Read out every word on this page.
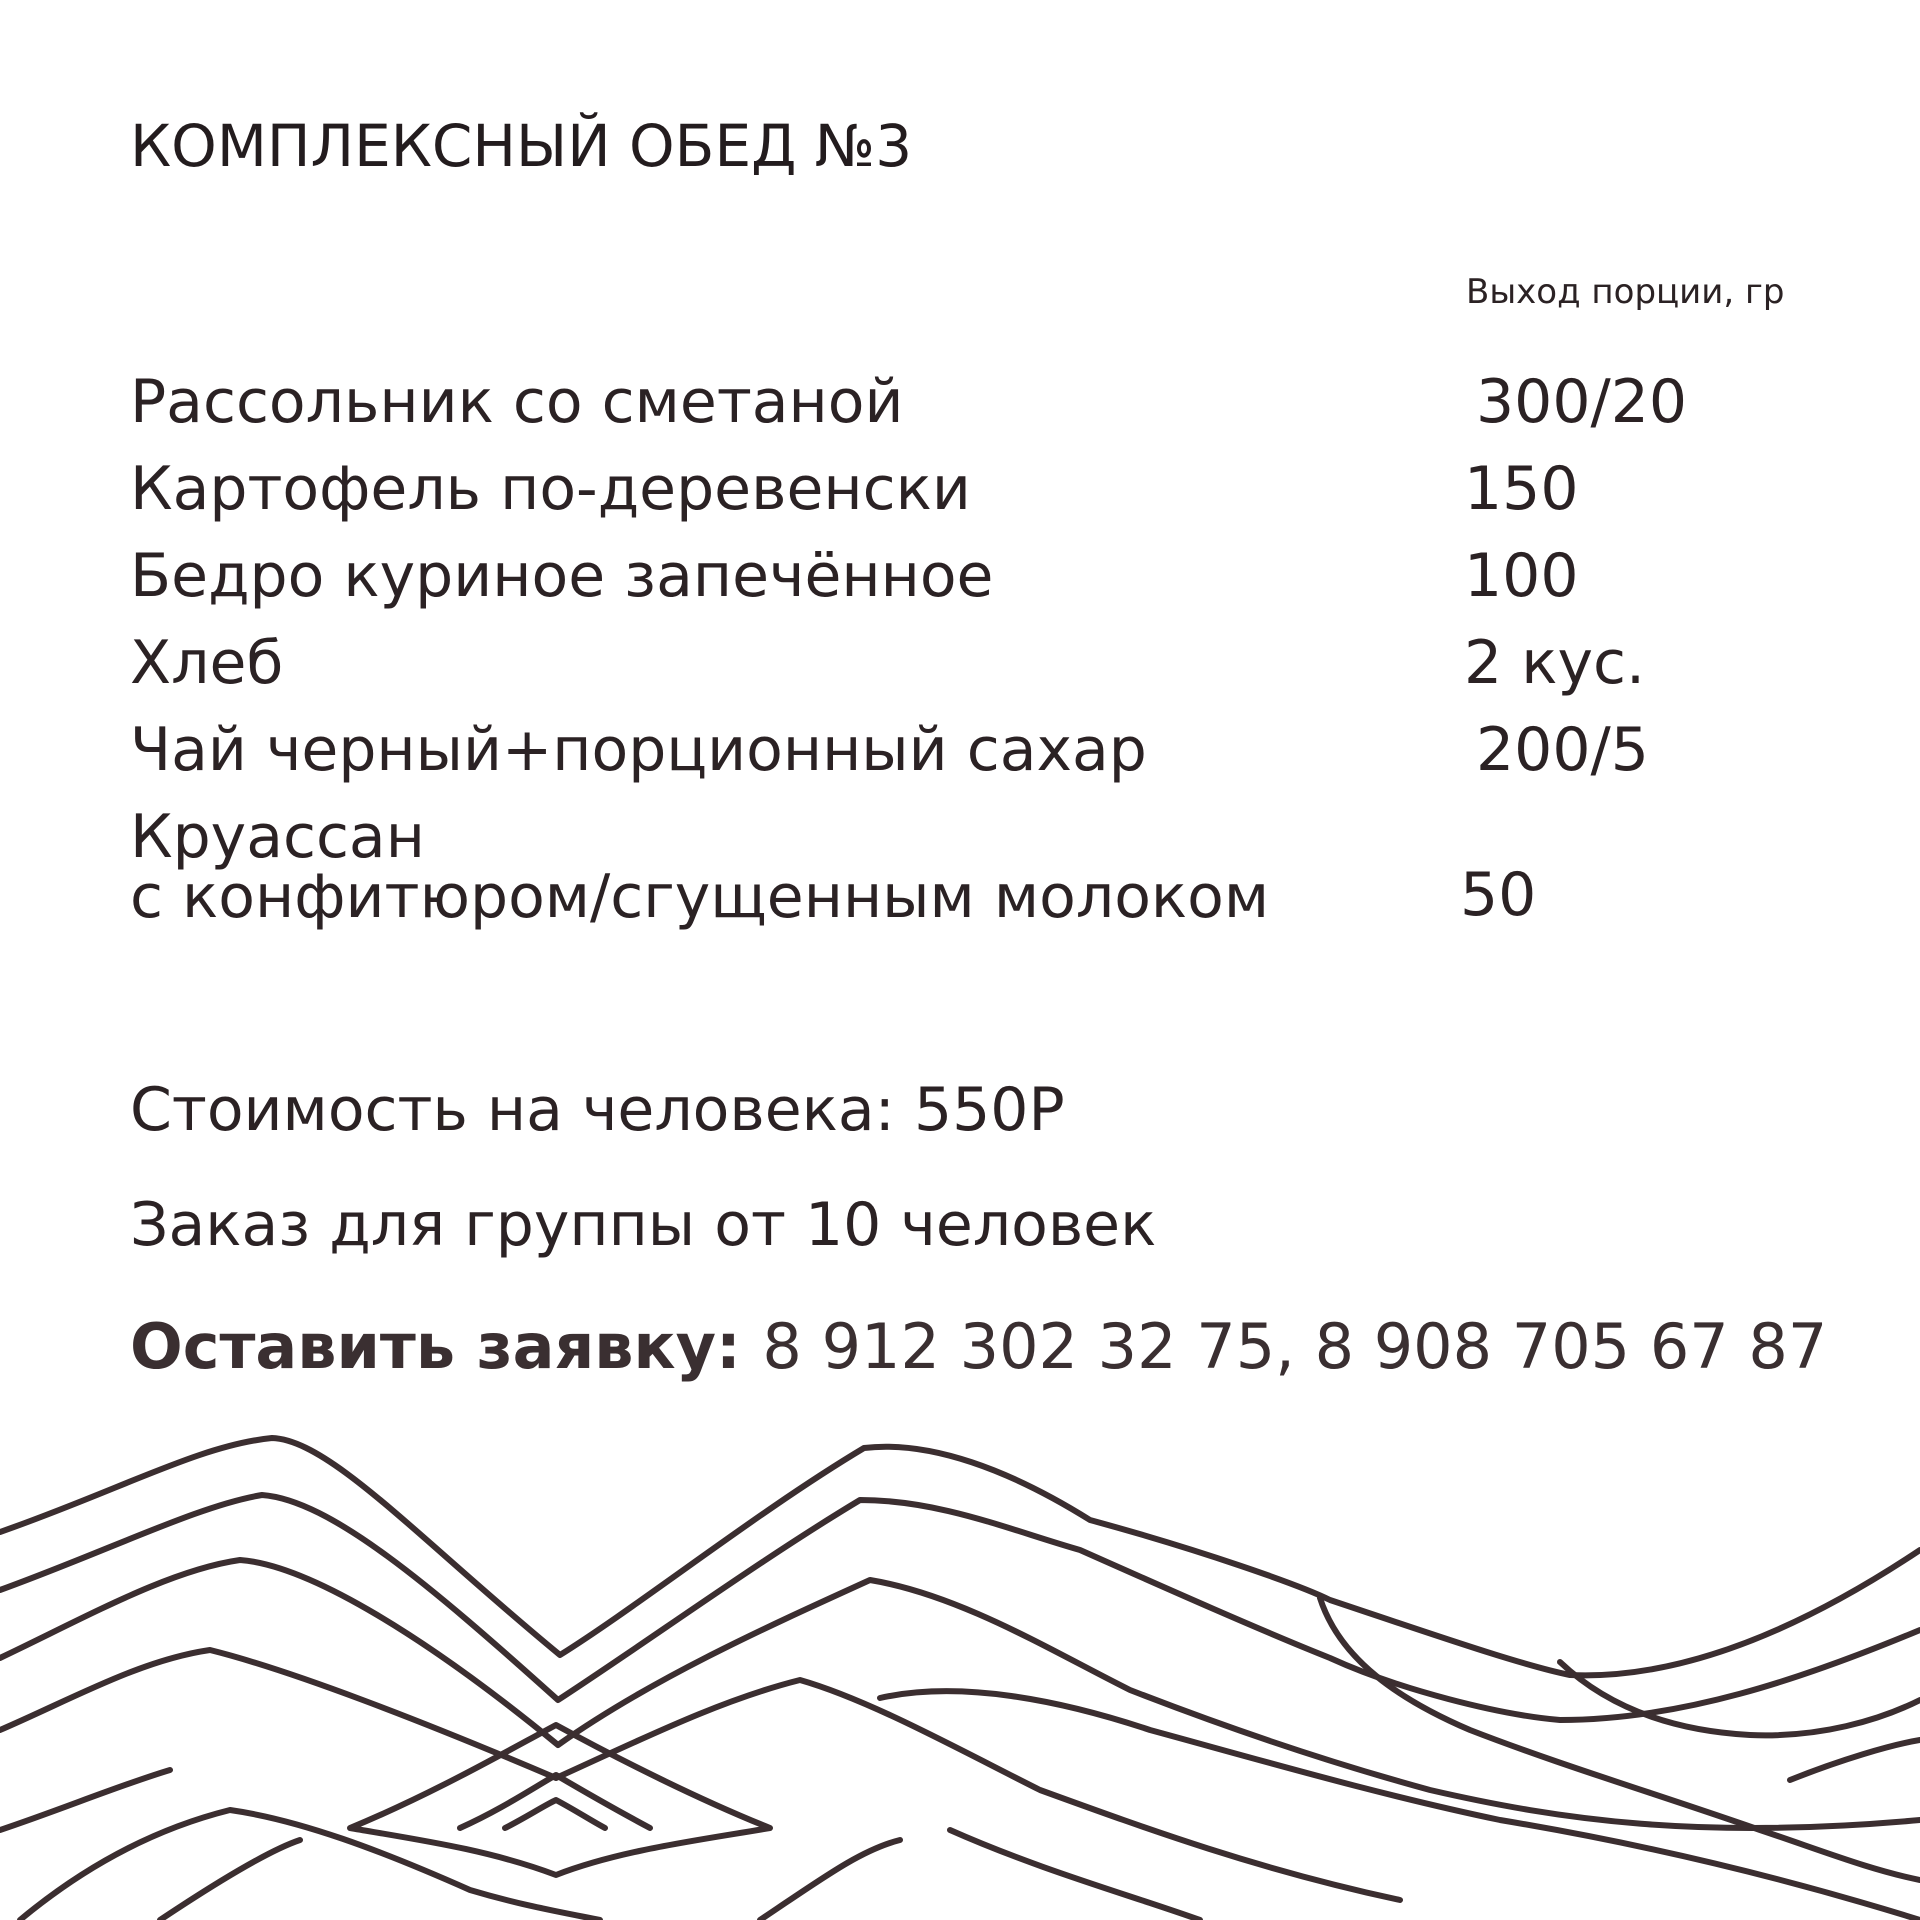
КОМПЛЕКСНЫЙ ОБЕД №3
Выход порции, гр
Рассольник со сметаной	300/20
Картофель по-деревенски	150
Бедро куриное запечённое	100
Хлеб	2 кус.
Чай черный+порционный сахар	200/5
Круассан
с конфитюром/сгущенным молоком	50
Стоимость на человека: 550Р
Заказ для группы от 10 человек
Оставить заявку: 8 912 302 32 75, 8 908 705 67 87
